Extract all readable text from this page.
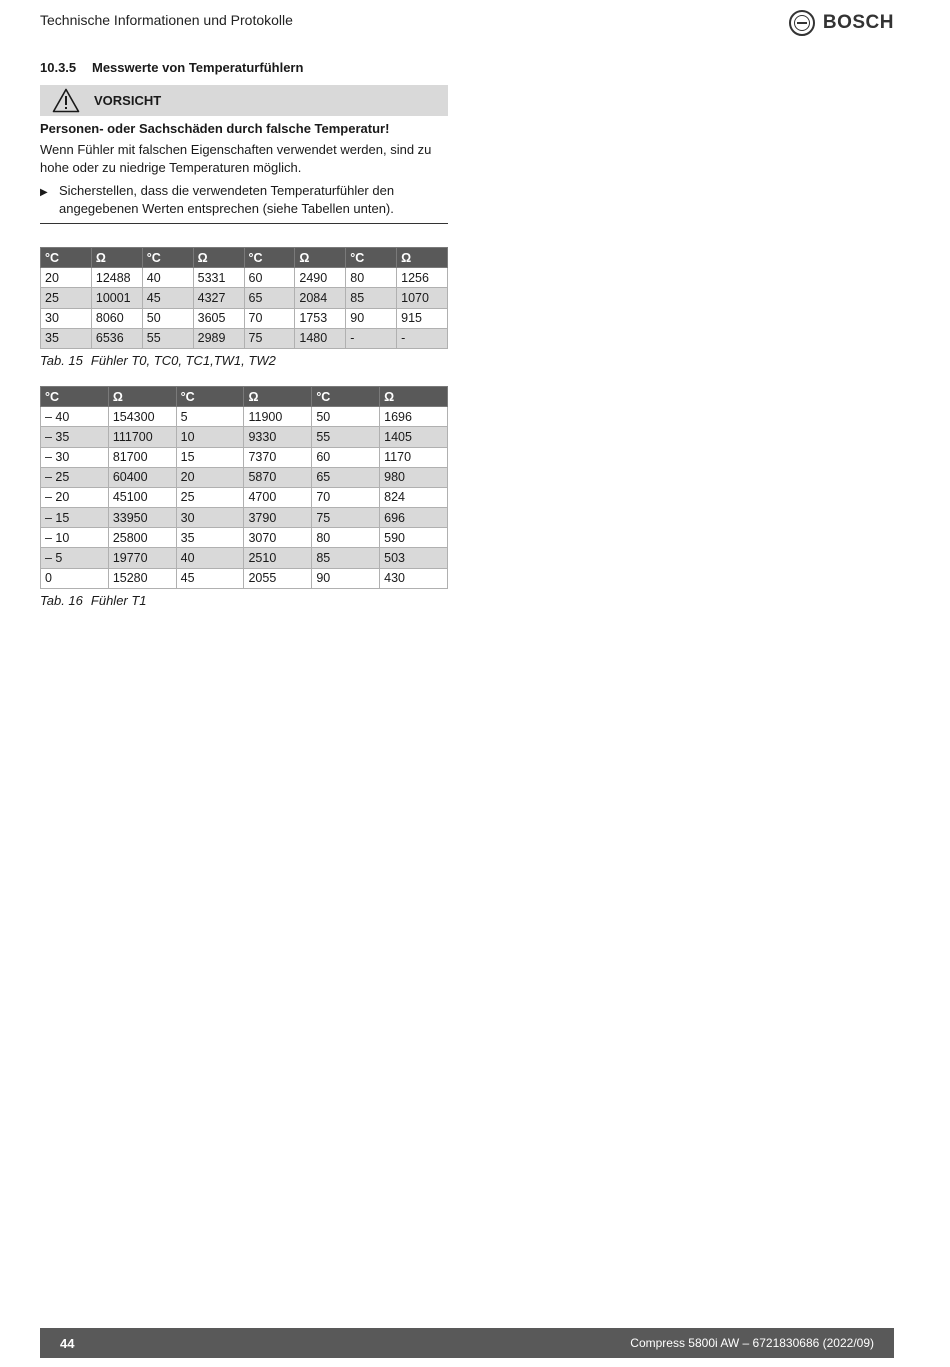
Technische Informationen und Protokolle	BOSCH
10.3.5 Messwerte von Temperaturfühlern
VORSICHT
Personen- oder Sachschäden durch falsche Temperatur!
Wenn Fühler mit falschen Eigenschaften verwendet werden, sind zu hohe oder zu niedrige Temperaturen möglich.
▶ Sicherstellen, dass die verwendeten Temperaturfühler den angegebenen Werten entsprechen (siehe Tabellen unten).
°C	Ω	°C	Ω	°C	Ω	°C	Ω
20	12488	40	5331	60	2490	80	1256
25	10001	45	4327	65	2084	85	1070
30	8060	50	3605	70	1753	90	915
35	6536	55	2989	75	1480	-	-
Tab. 15 Fühler T0, TC0, TC1,TW1, TW2
°C	Ω	°C	Ω	°C	Ω
– 40	154300	5	11900	50	1696
– 35	111700	10	9330	55	1405
– 30	81700	15	7370	60	1170
– 25	60400	20	5870	65	980
– 20	45100	25	4700	70	824
– 15	33950	30	3790	75	696
– 10	25800	35	3070	80	590
– 5	19770	40	2510	85	503
0	15280	45	2055	90	430
Tab. 16 Fühler T1
44	Compress 5800i AW – 6721830686 (2022/09)
